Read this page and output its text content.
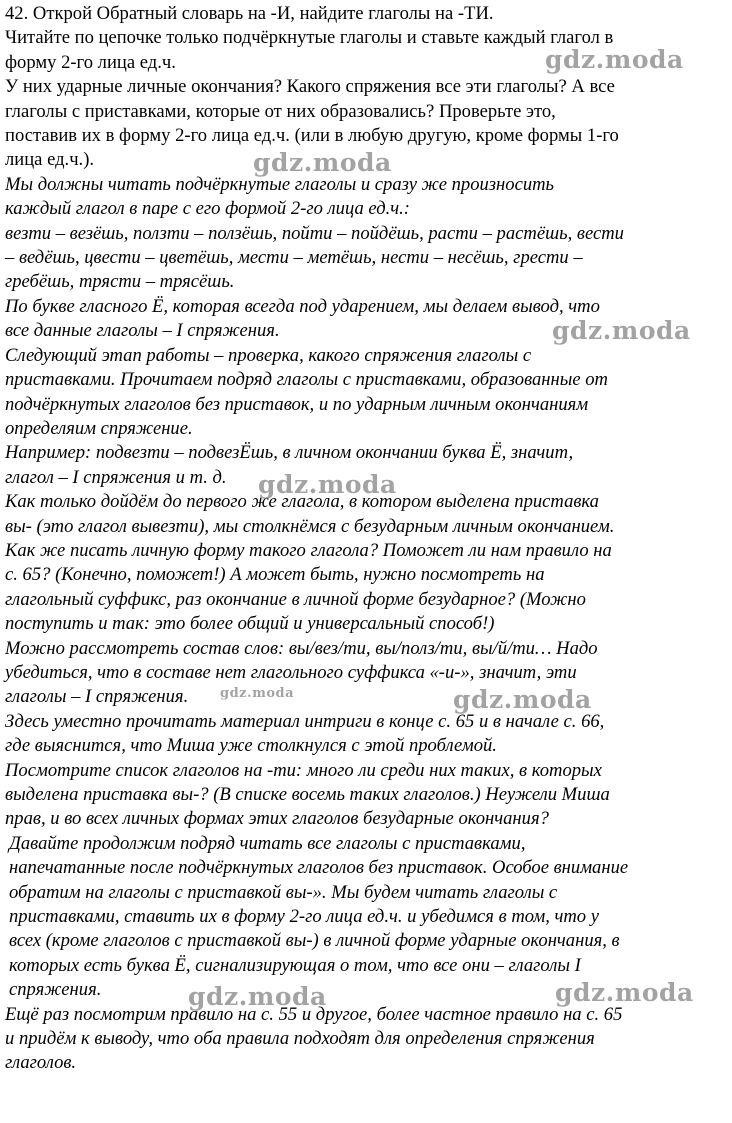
42. Открой Обратный словарь на -И, найдите глаголы на -ТИ.

Читайте по цепочке только подчёркнутые глаголы и ставьте каждый глагол в

форму 2-го лица ед.ч.

У них ударные личные окончания? Какого спряжения все эти глаголы? А все

глаголы с приставками, которые от них образовались? Проверьте это,

поставив их в форму 2-го лица ед.ч. (или в любую другую, кроме формы 1-го

лица ед.ч.).

Мы должны читать подчёркнутые глаголы и сразу же произносить

каждый глагол в паре с его формой 2-го лица ед.ч.:

везти – везёшь, ползти – ползёшь, пойти – пойдёшь, расти – растёшь, вести

– ведёшь, цвести – цветёшь, мести – метёшь, нести – несёшь, грести –

гребёшь, трясти – трясёшь.

По букве гласного Ё, которая всегда под ударением, мы делаем вывод, что

все данные глаголы – I спряжения.

Следующий этап работы – проверка, какого спряжения глаголы с

приставками. Прочитаем подряд глаголы с приставками, образованные от

подчёркнутых глаголов без приставок, и по ударным личным окончаниям

определяим спряжение.

Например: подвезти – подвезЁшь, в личном окончании буква Ё, значит,

глагол – I спряжения и т. д.

Как только дойдём до первого же глагола, в котором выделена приставка

вы- (это глагол вывезти), мы столкнёмся с безударным личным окончанием.

Как же писать личную форму такого глагола? Поможет ли нам правило на

с. 65? (Конечно, поможет!) А может быть, нужно посмотреть на

глагольный суффикс, раз окончание в личной форме безударное? (Можно

поступить и так: это более общий и универсальный способ!)

Можно рассмотреть состав слов: вы/вез/ти, вы/полз/ти, вы/й/ти… Надо

убедиться, что в составе нет глагольного суффикса «-и-», значит, эти

глаголы – I спряжения.

Здесь уместно прочитать материал интриги в конце с. 65 и в начале с. 66,

где выяснится, что Миша уже столкнулся с этой проблемой.

Посмотрите список глаголов на -ти: много ли среди них таких, в которых

выделена приставка вы-? (В списке восемь таких глаголов.) Неужели Миша

прав, и во всех личных формах этих глаголов безударные окончания?

Давайте продолжим подряд читать все глаголы с приставками,

напечатанные после подчёркнутых глаголов без приставок. Особое внимание

обратим на глаголы с приставкой вы-». Мы будем читать глаголы с

приставками, ставить их в форму 2-го лица ед.ч. и убедимся в том, что у

всех (кроме глаголов с приставкой вы-) в личной форме ударные окончания, в

которых есть буква Ё, сигнализирующая о том, что все они – глаголы I

спряжения.

Ещё раз посмотрим правило на с. 55 и другое, более частное правило на с. 65

и придём к выводу, что оба правила подходят для определения спряжения

глаголов.

gdz.moda
gdz.moda
gdz.moda
gdz.moda
gdz.moda	gdz.moda
gdz.moda	gdz.moda
